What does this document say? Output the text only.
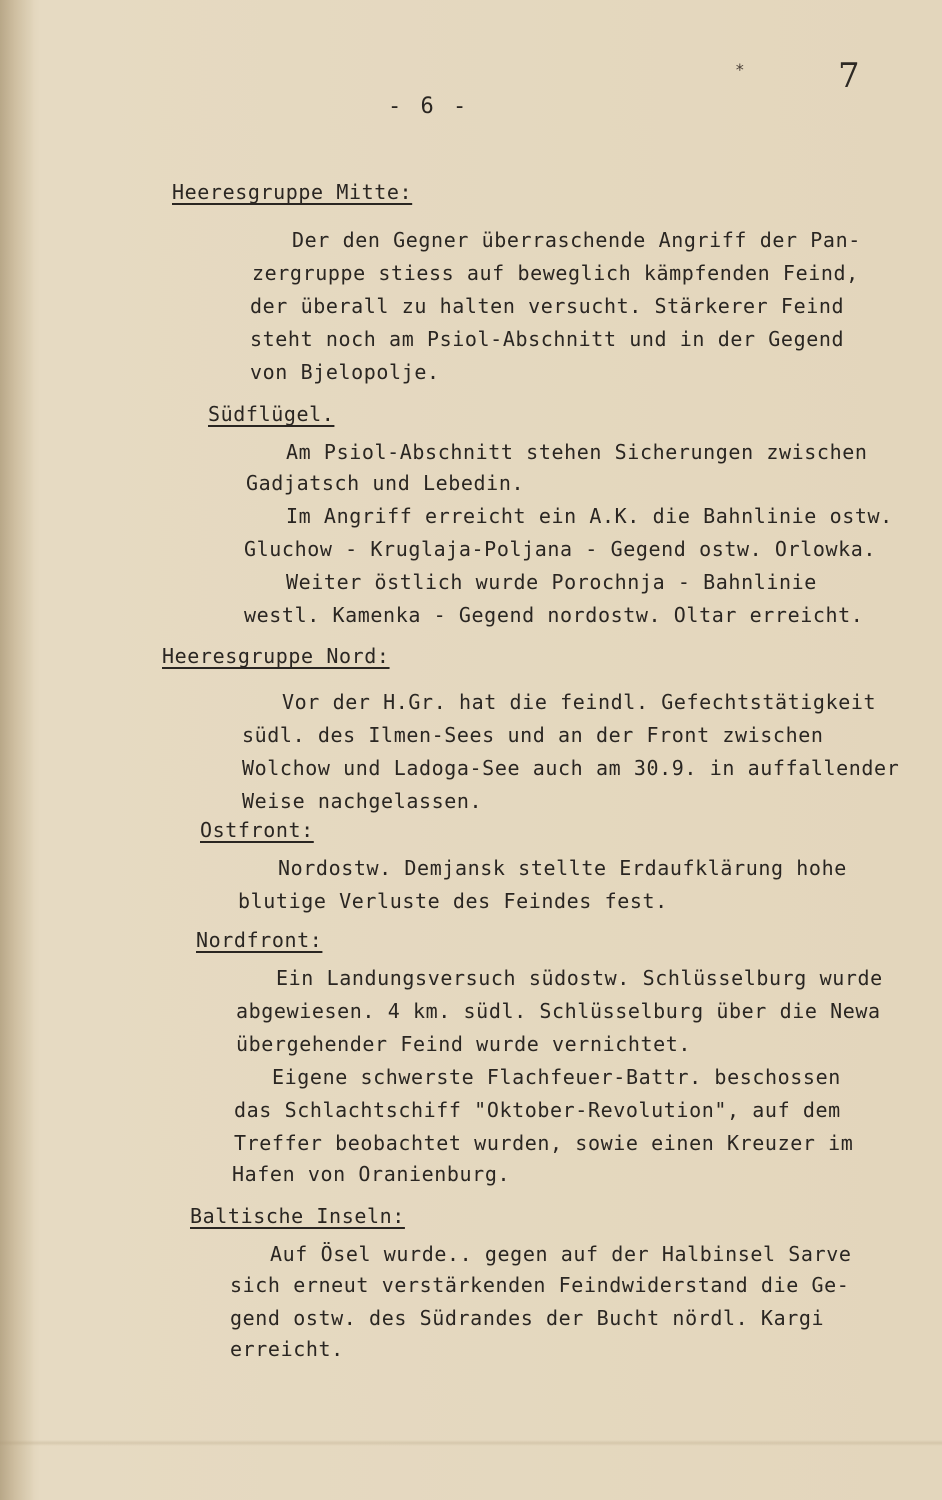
*	7
- 6 -
Heeresgruppe Mitte:
Der den Gegner überraschende Angriff der Pan-
zergruppe stiess auf beweglich kämpfenden Feind,
der überall zu halten versucht. Stärkerer Feind
steht noch am Psiol-Abschnitt und in der Gegend
von Bjelopolje.
Südflügel.
Am Psiol-Abschnitt stehen Sicherungen zwischen
Gadjatsch und Lebedin.
Im Angriff erreicht ein A.K. die Bahnlinie ostw.
Gluchow - Kruglaja-Poljana - Gegend ostw. Orlowka.
Weiter östlich wurde Porochnja - Bahnlinie
westl. Kamenka - Gegend nordostw. Oltar erreicht.
Heeresgruppe Nord:
Vor der H.Gr. hat die feindl. Gefechtstätigkeit
südl. des Ilmen-Sees und an der Front zwischen
Wolchow und Ladoga-See auch am 30.9. in auffallender
Weise nachgelassen.
Ostfront:
Nordostw. Demjansk stellte Erdaufklärung hohe
blutige Verluste des Feindes fest.
Nordfront:
Ein Landungsversuch südostw. Schlüsselburg wurde
abgewiesen. 4 km. südl. Schlüsselburg über die Newa
übergehender Feind wurde vernichtet.
Eigene schwerste Flachfeuer-Battr. beschossen
das Schlachtschiff "Oktober-Revolution", auf dem
Treffer beobachtet wurden, sowie einen Kreuzer im
Hafen von Oranienburg.
Baltische Inseln:
Auf Ösel wurde.. gegen auf der Halbinsel Sarve
sich erneut verstärkenden Feindwiderstand die Ge-
gend ostw. des Südrandes der Bucht nördl. Kargi
erreicht.
